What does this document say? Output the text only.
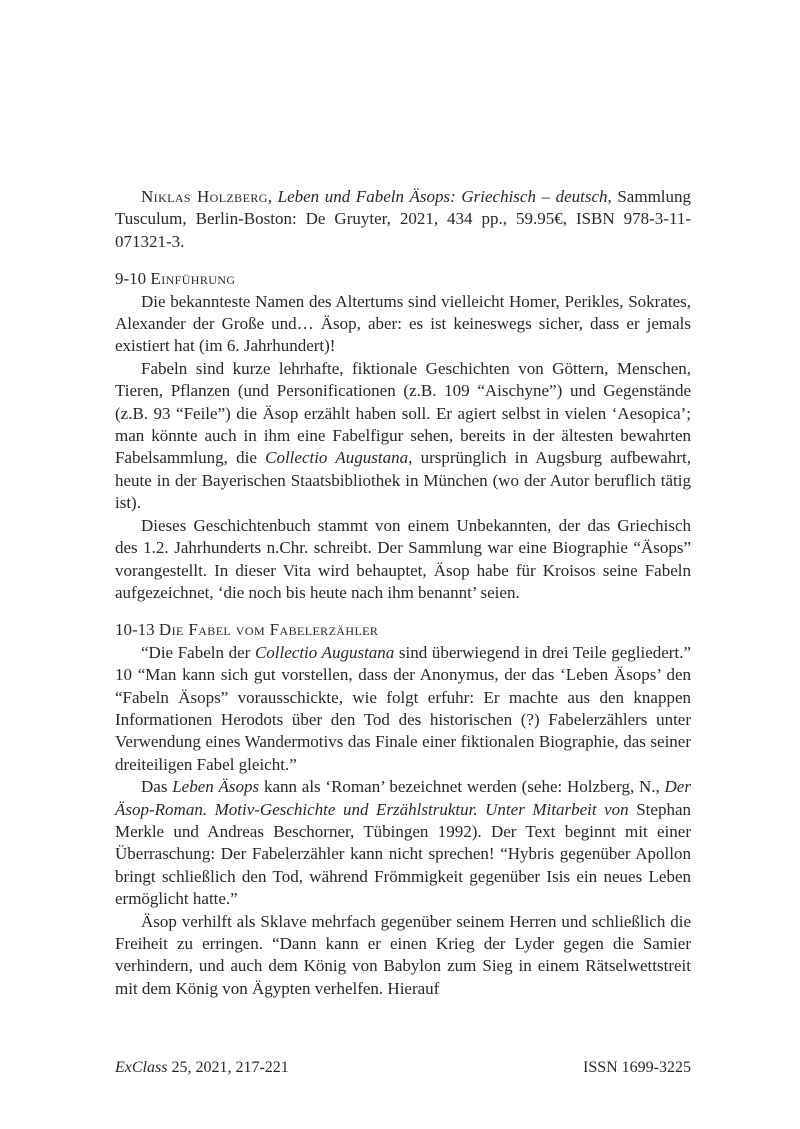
Niklas Holzberg, Leben und Fabeln Äsops: Griechisch – deutsch, Sammlung Tusculum, Berlin-Boston: De Gruyter, 2021, 434 pp., 59.95€, ISBN 978-3-11-071321-3.

9-10 Einführung

Die bekannteste Namen des Altertums sind vielleicht Homer, Perikles, Sokrates, Alexander der Große und… Äsop, aber: es ist keineswegs sicher, dass er jemals existiert hat (im 6. Jahrhundert)!

Fabeln sind kurze lehrhafte, fiktionale Geschichten von Göttern, Menschen, Tieren, Pflanzen (und Personificationen (z.B. 109 “Aischyne”) und Gegenstände (z.B. 93 “Feile”) die Äsop erzählt haben soll. Er agiert selbst in vielen ‘Aesopica’; man könnte auch in ihm eine Fabelfigur sehen, bereits in der ältesten bewahrten Fabelsammlung, die Collectio Augustana, ursprünglich in Augsburg aufbewahrt, heute in der Bayerischen Staatsbibliothek in München (wo der Autor beruflich tätig ist).

Dieses Geschichtenbuch stammt von einem Unbekannten, der das Griechisch des 1.2. Jahrhunderts n.Chr. schreibt. Der Sammlung war eine Biographie “Äsops” vorangestellt. In dieser Vita wird behauptet, Äsop habe für Kroisos seine Fabeln aufgezeichnet, ‘die noch bis heute nach ihm benannt’ seien.

10-13 Die Fabel vom Fabelerzähler

“Die Fabeln der Collectio Augustana sind überwiegend in drei Teile gegliedert.” 10 “Man kann sich gut vorstellen, dass der Anonymus, der das ‘Leben Äsops’ den “Fabeln Äsops” vorausschickte, wie folgt erfuhr: Er machte aus den knappen Informationen Herodots über den Tod des historischen (?) Fabelerzählers unter Verwendung eines Wandermotivs das Finale einer fiktionalen Biographie, das seiner dreiteiligen Fabel gleicht.”

Das Leben Äsops kann als ‘Roman’ bezeichnet werden (sehe: Holzberg, N., Der Äsop-Roman. Motiv-Geschichte und Erzählstruktur. Unter Mitarbeit von Stephan Merkle und Andreas Beschorner, Tübingen 1992). Der Text beginnt mit einer Überraschung: Der Fabelerzähler kann nicht sprechen! “Hybris gegenüber Apollon bringt schließlich den Tod, während Frömmigkeit gegenüber Isis ein neues Leben ermöglicht hatte.”

Äsop verhilft als Sklave mehrfach gegenüber seinem Herren und schließlich die Freiheit zu erringen. “Dann kann er einen Krieg der Lyder gegen die Samier verhindern, und auch dem König von Babylon zum Sieg in einem Rätselwettstreit mit dem König von Ägypten verhelfen. Hierauf

ExClass 25, 2021, 217-221	ISSN 1699-3225
